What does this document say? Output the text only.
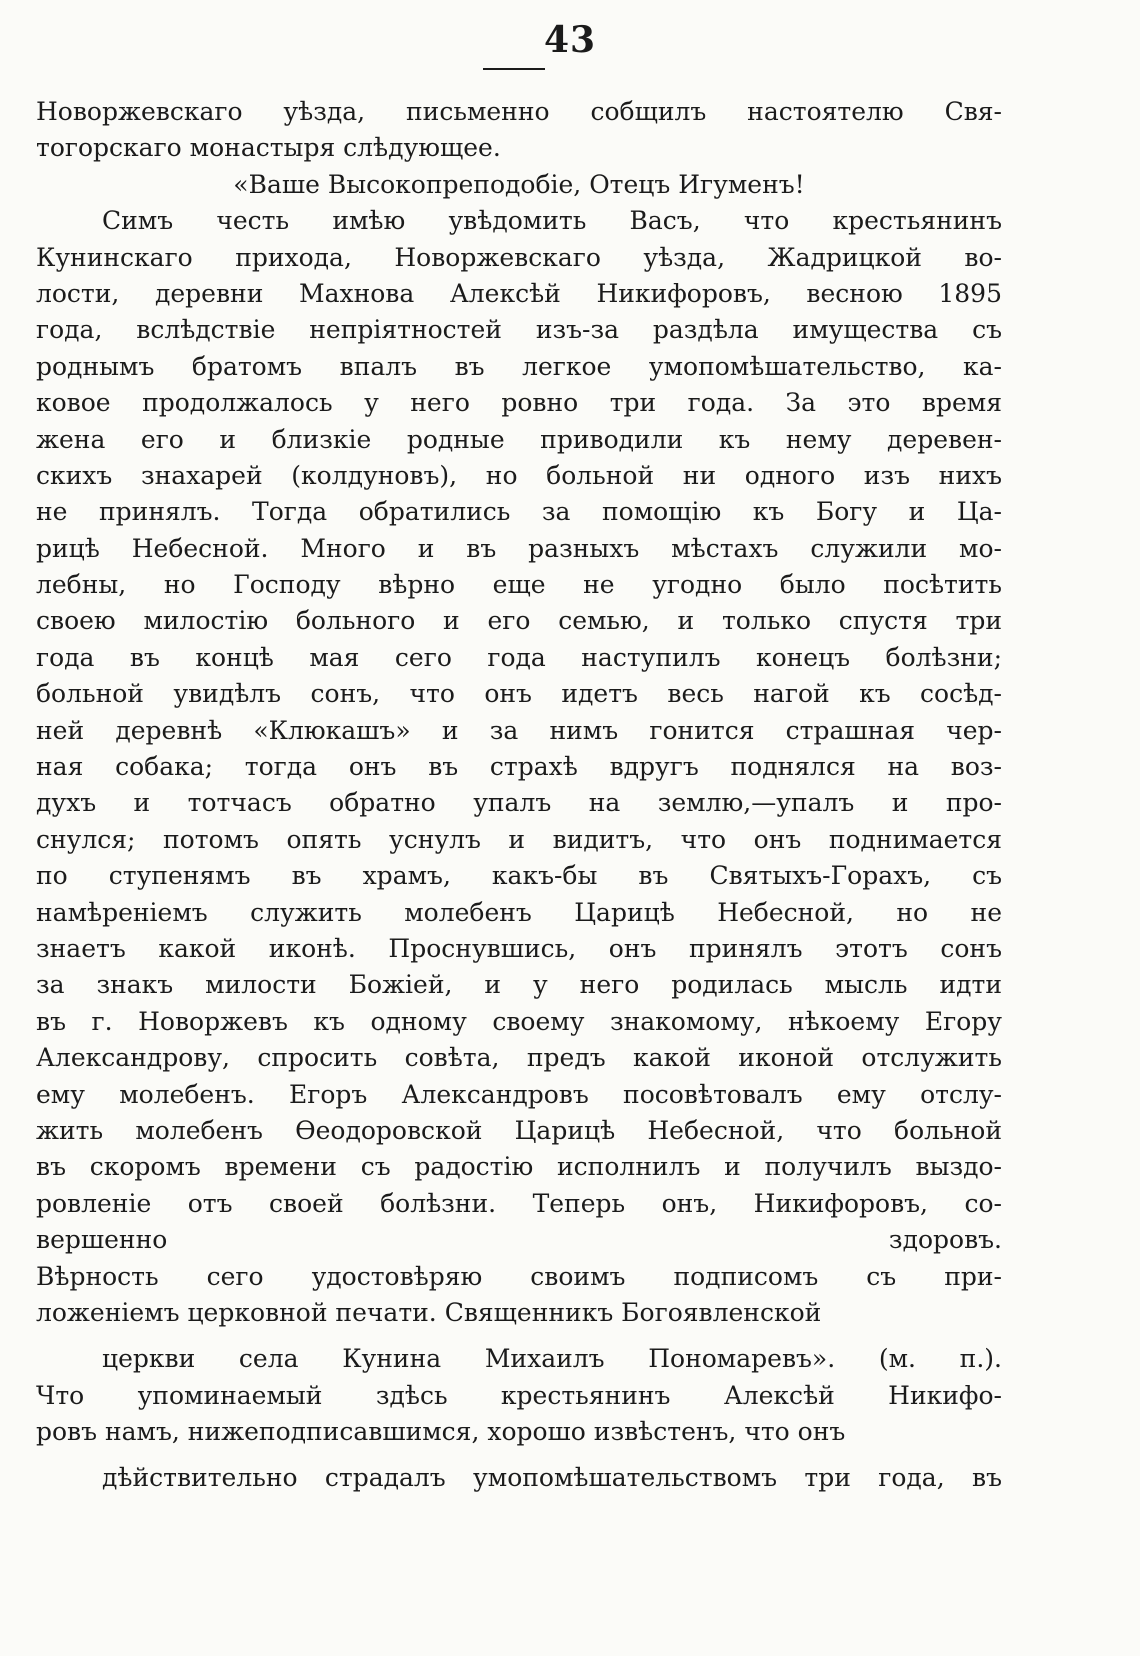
43
Новоржевскаго уѣзда, письменно собщилъ настоятелю Свя-
тогорскаго монастыря слѣдующее.
«Ваше Высокопреподобіе, Отецъ Игуменъ!
Симъ честь имѣю увѣдомить Васъ, что крестьянинъ
Кунинскаго прихода, Новоржевскаго уѣзда, Жадрицкой во-
лости, деревни Махнова Алексѣй Никифоровъ, весною 1895
года, вслѣдствіе непріятностей изъ-за раздѣла имущества съ
роднымъ братомъ впалъ въ легкое умопомѣшательство, ка-
ковое продолжалось у него ровно три года. За это время
жена его и близкіе родные приводили къ нему деревен-
скихъ знахарей (колдуновъ), но больной ни одного изъ нихъ
не принялъ. Тогда обратились за помощію къ Богу и Ца-
рицѣ Небесной. Много и въ разныхъ мѣстахъ служили мо-
лебны, но Господу вѣрно еще не угодно было посѣтить
своею милостію больного и его семью, и только спустя три
года въ концѣ мая сего года наступилъ конецъ болѣзни;
больной увидѣлъ сонъ, что онъ идетъ весь нагой къ сосѣд-
ней деревнѣ «Клюкашъ» и за нимъ гонится страшная чер-
ная собака; тогда онъ въ страхѣ вдругъ поднялся на воз-
духъ и тотчасъ обратно упалъ на землю,—упалъ и про-
снулся; потомъ опять уснулъ и видитъ, что онъ поднимается
по ступенямъ въ храмъ, какъ-бы въ Святыхъ-Горахъ, съ
намѣреніемъ служить молебенъ Царицѣ Небесной, но не
знаетъ какой иконѣ. Проснувшись, онъ принялъ этотъ сонъ
за знакъ милости Божіей, и у него родилась мысль идти
въ г. Новоржевъ къ одному своему знакомому, нѣкоему Егору
Александрову, спросить совѣта, предъ какой иконой отслужить
ему молебенъ. Егоръ Александровъ посовѣтовалъ ему отслу-
жить молебенъ Ѳеодоровской Царицѣ Небесной, что больной
въ скоромъ времени съ радостію исполнилъ и получилъ выздо-
ровленіе отъ своей болѣзни. Теперь онъ, Никифоровъ, со-
вершенно здоровъ.
Вѣрность сего удостовѣряю своимъ подписомъ съ при-
ложеніемъ церковной печати. Священникъ Богоявленской
церкви села Кунина Михаилъ Пономаревъ». (м. п.).
Что упоминаемый здѣсь крестьянинъ Алексѣй Никифо-
ровъ намъ, нижеподписавшимся, хорошо извѣстенъ, что онъ
дѣйствительно страдалъ умопомѣшательствомъ три года, въ
